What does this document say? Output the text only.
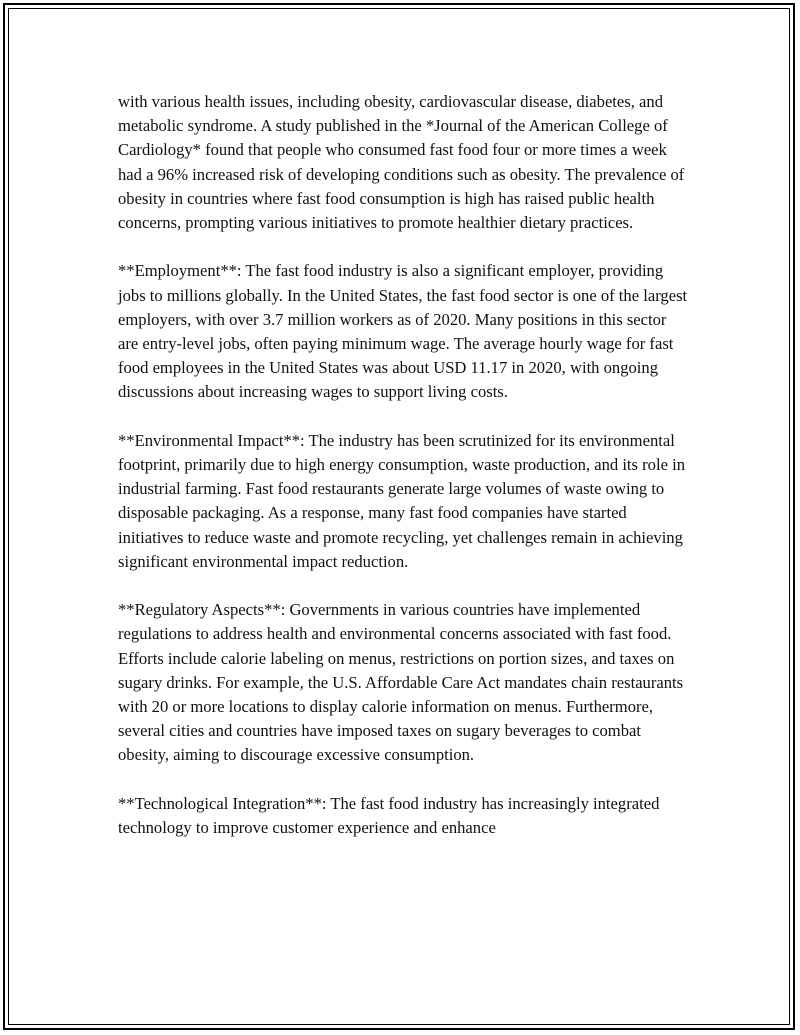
with various health issues, including obesity, cardiovascular disease, diabetes, and metabolic syndrome. A study published in the *Journal of the American College of Cardiology* found that people who consumed fast food four or more times a week had a 96% increased risk of developing conditions such as obesity. The prevalence of obesity in countries where fast food consumption is high has raised public health concerns, prompting various initiatives to promote healthier dietary practices.

**Employment**: The fast food industry is also a significant employer, providing jobs to millions globally. In the United States, the fast food sector is one of the largest employers, with over 3.7 million workers as of 2020. Many positions in this sector are entry-level jobs, often paying minimum wage. The average hourly wage for fast food employees in the United States was about USD 11.17 in 2020, with ongoing discussions about increasing wages to support living costs.

**Environmental Impact**: The industry has been scrutinized for its environmental footprint, primarily due to high energy consumption, waste production, and its role in industrial farming. Fast food restaurants generate large volumes of waste owing to disposable packaging. As a response, many fast food companies have started initiatives to reduce waste and promote recycling, yet challenges remain in achieving significant environmental impact reduction.

**Regulatory Aspects**: Governments in various countries have implemented regulations to address health and environmental concerns associated with fast food. Efforts include calorie labeling on menus, restrictions on portion sizes, and taxes on sugary drinks. For example, the U.S. Affordable Care Act mandates chain restaurants with 20 or more locations to display calorie information on menus. Furthermore, several cities and countries have imposed taxes on sugary beverages to combat obesity, aiming to discourage excessive consumption.

**Technological Integration**: The fast food industry has increasingly integrated technology to improve customer experience and enhance
